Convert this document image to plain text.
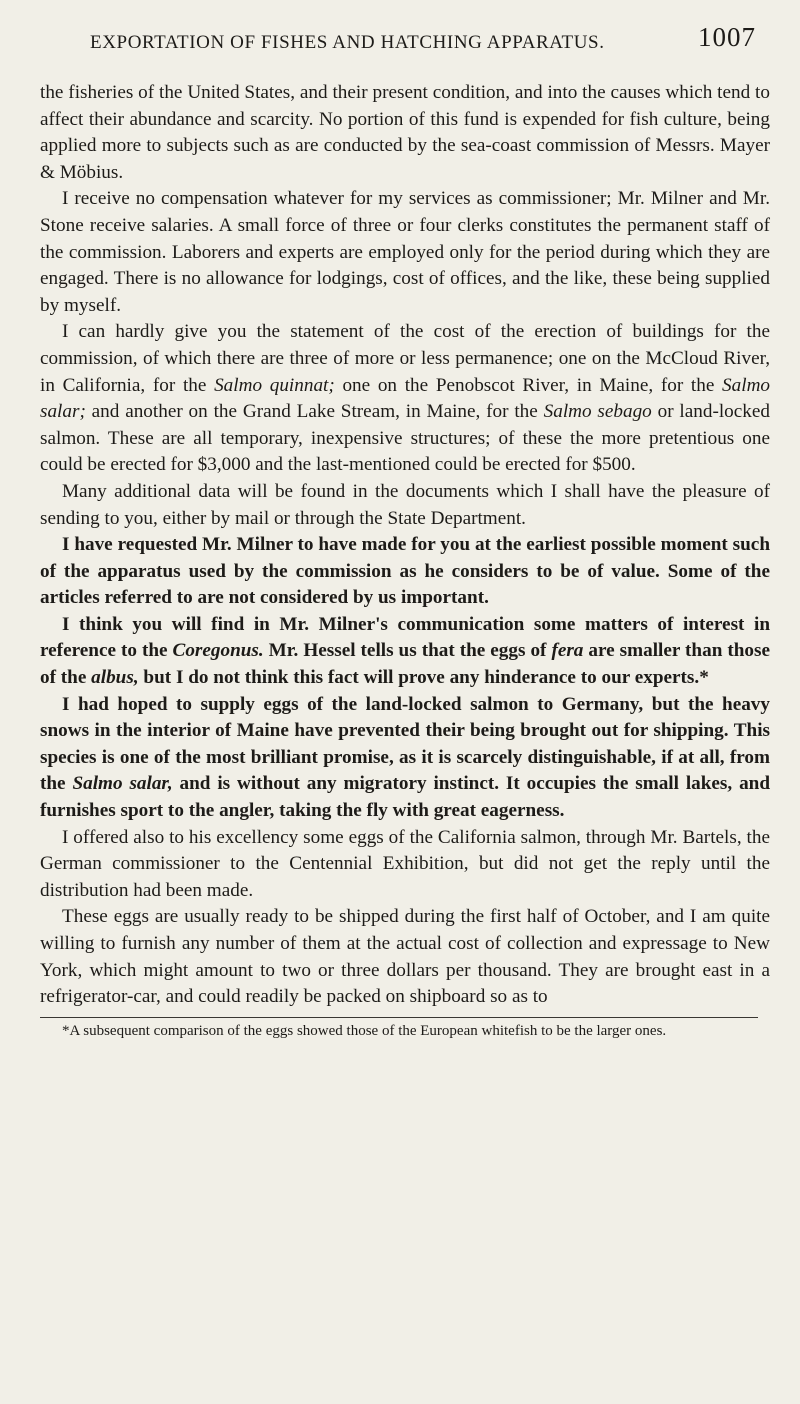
EXPORTATION OF FISHES AND HATCHING APPARATUS.	1007

the fisheries of the United States, and their present condition, and into the causes which tend to affect their abundance and scarcity. No portion of this fund is expended for fish culture, being applied more to subjects such as are conducted by the sea-coast commission of Messrs. Mayer & Möbius.

I receive no compensation whatever for my services as commissioner; Mr. Milner and Mr. Stone receive salaries. A small force of three or four clerks constitutes the permanent staff of the commission. Laborers and experts are employed only for the period during which they are engaged. There is no allowance for lodgings, cost of offices, and the like, these being supplied by myself.

I can hardly give you the statement of the cost of the erection of buildings for the commission, of which there are three of more or less permanence; one on the McCloud River, in California, for the Salmo quinnat; one on the Penobscot River, in Maine, for the Salmo salar; and another on the Grand Lake Stream, in Maine, for the Salmo sebago or land-locked salmon. These are all temporary, inexpensive structures; of these the more pretentious one could be erected for $3,000 and the last-mentioned could be erected for $500.

Many additional data will be found in the documents which I shall have the pleasure of sending to you, either by mail or through the State Department.

I have requested Mr. Milner to have made for you at the earliest possible moment such of the apparatus used by the commission as he considers to be of value. Some of the articles referred to are not considered by us important.

I think you will find in Mr. Milner's communication some matters of interest in reference to the Coregonus. Mr. Hessel tells us that the eggs of fera are smaller than those of the albus, but I do not think this fact will prove any hinderance to our experts.*

I had hoped to supply eggs of the land-locked salmon to Germany, but the heavy snows in the interior of Maine have prevented their being brought out for shipping. This species is one of the most brilliant promise, as it is scarcely distinguishable, if at all, from the Salmo salar, and is without any migratory instinct. It occupies the small lakes, and furnishes sport to the angler, taking the fly with great eagerness.

I offered also to his excellency some eggs of the California salmon, through Mr. Bartels, the German commissioner to the Centennial Exhibition, but did not get the reply until the distribution had been made.

These eggs are usually ready to be shipped during the first half of October, and I am quite willing to furnish any number of them at the actual cost of collection and expressage to New York, which might amount to two or three dollars per thousand. They are brought east in a refrigerator-car, and could readily be packed on shipboard so as to

*A subsequent comparison of the eggs showed those of the European whitefish to be the larger ones.
